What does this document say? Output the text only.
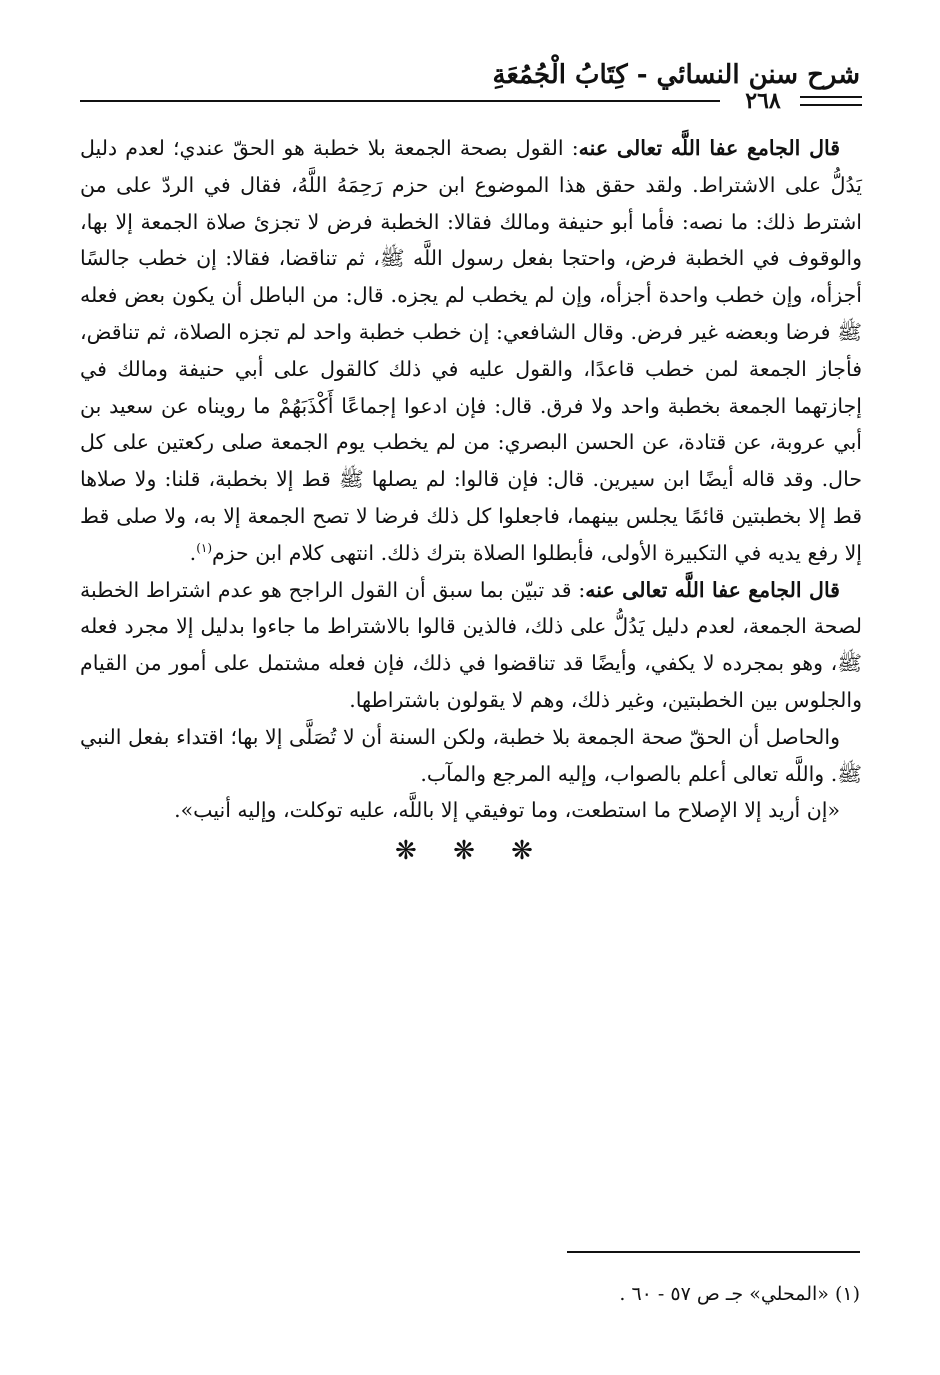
شرح سنن النسائي - كِتَابُ الْجُمُعَةِ
٢٦٨

قال الجامع عفا اللَّه تعالى عنه: القول بصحة الجمعة بلا خطبة هو الحقّ عندي؛ لعدم دليل يَدُلُّ على الاشتراط. ولقد حقق هذا الموضوع ابن حزم رَحِمَهُ اللَّهُ، فقال في الردّ على من اشترط ذلك: ما نصه: فأما أبو حنيفة ومالك فقالا: الخطبة فرض لا تجزئ صلاة الجمعة إلا بها، والوقوف في الخطبة فرض، واحتجا بفعل رسول اللَّه ﷺ، ثم تناقضا، فقالا: إن خطب جالسًا أجزأه، وإن خطب واحدة أجزأه، وإن لم يخطب لم يجزه. قال: من الباطل أن يكون بعض فعله ﷺ فرضا وبعضه غير فرض. وقال الشافعي: إن خطب خطبة واحد لم تجزه الصلاة، ثم تناقض، فأجاز الجمعة لمن خطب قاعدًا، والقول عليه في ذلك كالقول على أبي حنيفة ومالك في إجازتهما الجمعة بخطبة واحد ولا فرق. قال: فإن ادعوا إجماعًا أَكْذَبَهُمْ ما رويناه عن سعيد بن أبي عروبة، عن قتادة، عن الحسن البصري: من لم يخطب يوم الجمعة صلى ركعتين على كل حال. وقد قاله أيضًا ابن سيرين. قال: فإن قالوا: لم يصلها ﷺ قط إلا بخطبة، قلنا: ولا صلاها قط إلا بخطبتين قائمًا يجلس بينهما، فاجعلوا كل ذلك فرضا لا تصح الجمعة إلا به، ولا صلى قط إلا رفع يديه في التكبيرة الأولى، فأبطلوا الصلاة بترك ذلك. انتهى كلام ابن حزم$^{(١)}$.

قال الجامع عفا اللَّه تعالى عنه: قد تبيّن بما سبق أن القول الراجح هو عدم اشتراط الخطبة لصحة الجمعة، لعدم دليل يَدُلُّ على ذلك، فالذين قالوا بالاشتراط ما جاءوا بدليل إلا مجرد فعله ﷺ، وهو بمجرده لا يكفي، وأيضًا قد تناقضوا في ذلك، فإن فعله مشتمل على أمور من القيام والجلوس بين الخطبتين، وغير ذلك، وهم لا يقولون باشتراطها.

والحاصل أن الحقّ صحة الجمعة بلا خطبة، ولكن السنة أن لا تُصَلَّى إلا بها؛ اقتداء بفعل النبي ﷺ. واللَّه تعالى أعلم بالصواب، وإليه المرجع والمآب.

«إن أريد إلا الإصلاح ما استطعت، وما توفيقي إلا باللَّه، عليه توكلت، وإليه أنيب».

❋ ❋ ❋

(١) «المحلي» جـ ص ٥٧ - ٦٠ .
